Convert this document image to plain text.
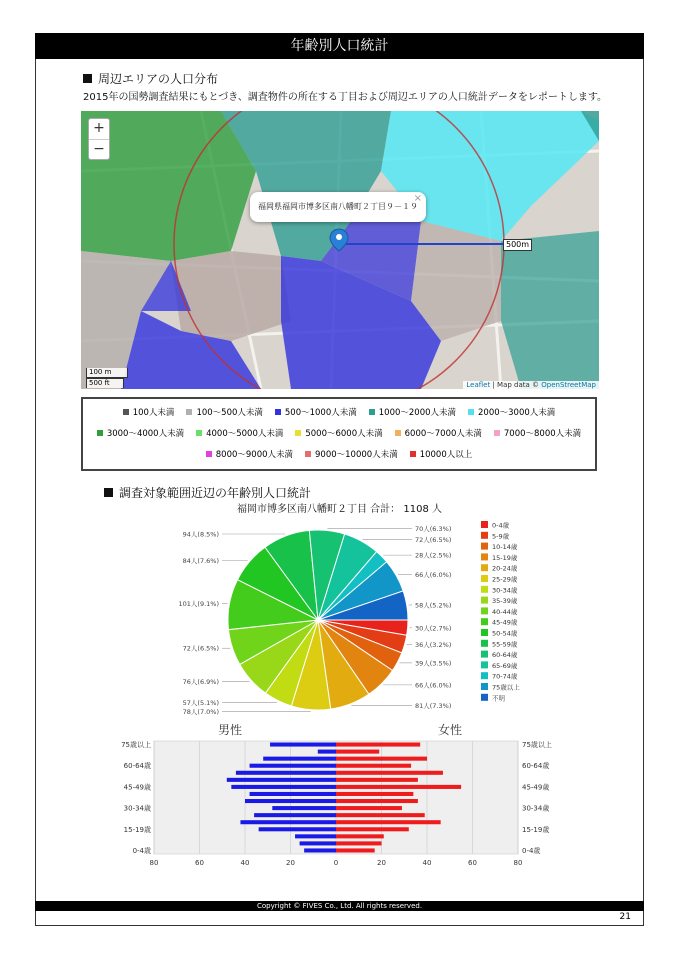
年齢別人口統計
周辺エリアの人口分布
2015年の国勢調査結果にもとづき、調査物件の所在する丁目および周辺エリアの人口統計データをレポートします。
+
−
福岡県福岡市博多区南八幡町２丁目９－１９
×
500m
100 m
500 ft	Leaflet | Map data © OpenStreetMap
100人未満	100〜500人未満	500〜1000人未満	1000〜2000人未満	2000〜3000人未満
3000〜4000人未満	4000〜5000人未満	5000〜6000人未満	6000〜7000人未満	7000〜8000人未満
8000〜9000人未満	9000〜10000人未満	10000人以上
調査対象範囲近辺の年齢別人口統計
福岡市博多区南八幡町２丁目 合計： 1108 人
30人(2.7%)
36人(3.2%)
39人(3.5%)
66人(6.0%)
81人(7.3%)
78人(7.0%)
57人(5.1%)
76人(6.9%)
72人(6.5%)
101人(9.1%)
84人(7.6%)
94人(8.5%)
70人(6.3%)
72人(6.5%)
28人(2.5%)
66人(6.0%)
58人(5.2%)
0-4歳
5-9歳
10-14歳
15-19歳
20-24歳
25-29歳
30-34歳
35-39歳
40-44歳
45-49歳
50-54歳
55-59歳
60-64歳
65-69歳
70-74歳
75歳以上
不明
男性	女性
0-4歳	0-4歳
15-19歳	15-19歳
30-34歳	30-34歳
45-49歳	45-49歳
60-64歳	60-64歳
75歳以上	75歳以上
80	60	40	20	0	20	40	60	80
Copyright © FIVES Co., Ltd. All rights reserved.
21
